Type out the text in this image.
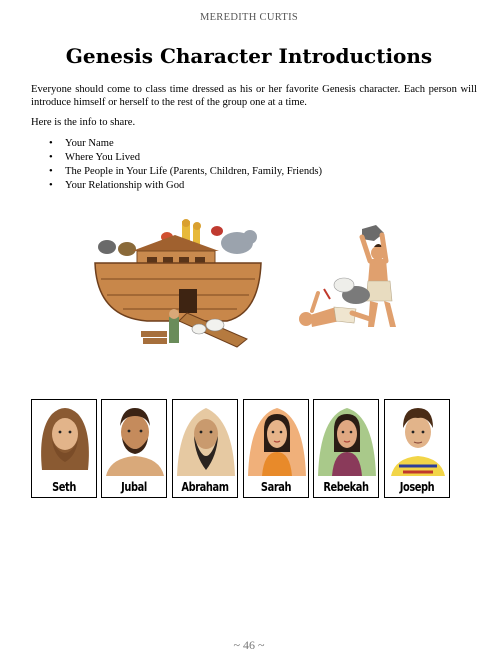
MEREDITH CURTIS
Genesis Character Introductions
Everyone should come to class time dressed as his or her favorite Genesis character. Each person will introduce himself or herself to the rest of the group one at a time.
Here is the info to share.
• Your Name
• Where You Lived
• The People in Your Life (Parents, Children, Family, Friends)
• Your Relationship with God
Seth	Jubal	Abraham	Sarah	Rebekah	Joseph
~ 46 ~
